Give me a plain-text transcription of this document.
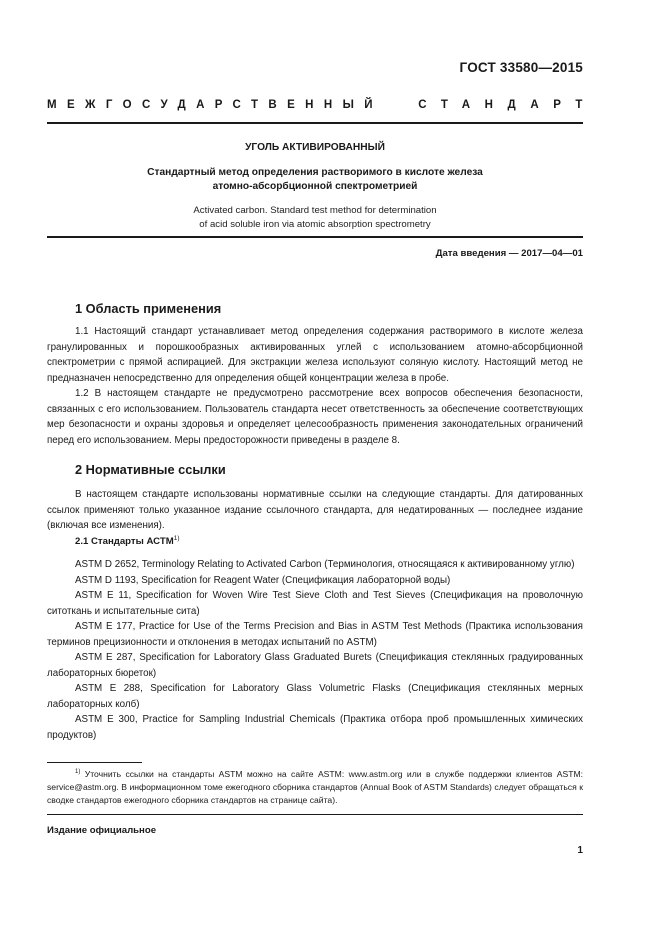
ГОСТ 33580—2015
МЕЖГОСУДАРСТВЕННЫЙ	СТАНДАРТ
УГОЛЬ АКТИВИРОВАННЫЙ
Стандартный метод определения растворимого в кислоте железа
атомно-абсорбционной спектрометрией
Activated carbon. Standard test method for determination
of acid soluble iron via atomic absorption spectrometry
Дата введения — 2017—04—01
1 Область применения

1.1 Настоящий стандарт устанавливает метод определения содержания растворимого в кислоте железа гранулированных и порошкообразных активированных углей с использованием атомно-абсорбционной спектрометрии с прямой аспирацией. Для экстракции железа используют соляную кислоту. Настоящий метод не предназначен непосредственно для определения общей концентрации железа в пробе.

1.2 В настоящем стандарте не предусмотрено рассмотрение всех вопросов обеспечения безопасности, связанных с его использованием. Пользователь стандарта несет ответственность за обеспечение соответствующих мер безопасности и охраны здоровья и определяет целесообразность применения законодательных ограничений перед его использованием. Меры предосторожности приведены в разделе 8.

2 Нормативные ссылки

В настоящем стандарте использованы нормативные ссылки на следующие стандарты. Для датированных ссылок применяют только указанное издание ссылочного стандарта, для недатированных — последнее издание (включая все изменения).

2.1 Стандарты АСТМ$^{1)}$

ASTM D 2652, Terminology Relating to Activated Carbon (Терминология, относящаяся к активированному углю)

ASTM D 1193, Specification for Reagent Water (Спецификация лабораторной воды)

ASTM E 11, Specification for Woven Wire Test Sieve Cloth and Test Sieves (Спецификация на проволочную ситоткань и испытательные сита)

ASTM E 177, Practice for Use of the Terms Precision and Bias in ASTM Test Methods (Практика использования терминов прецизионности и отклонения в методах испытаний по ASTM)

ASTM E 287, Specification for Laboratory Glass Graduated Burets (Спецификация стеклянных градуированных лабораторных бюреток)

ASTM E 288, Specification for Laboratory Glass Volumetric Flasks (Спецификация стеклянных мерных лабораторных колб)

ASTM E 300, Practice for Sampling Industrial Chemicals (Практика отбора проб промышленных химических продуктов)

$^{1)}$ Уточнить ссылки на стандарты ASTM можно на сайте ASTM: www.astm.org или в службе поддержки клиентов ASTM: service@astm.org. В информационном томе ежегодного сборника стандартов (Annual Book of ASTM Standards) следует обращаться к сводке стандартов ежегодного сборника стандартов на странице сайта).

Издание официальное
1
